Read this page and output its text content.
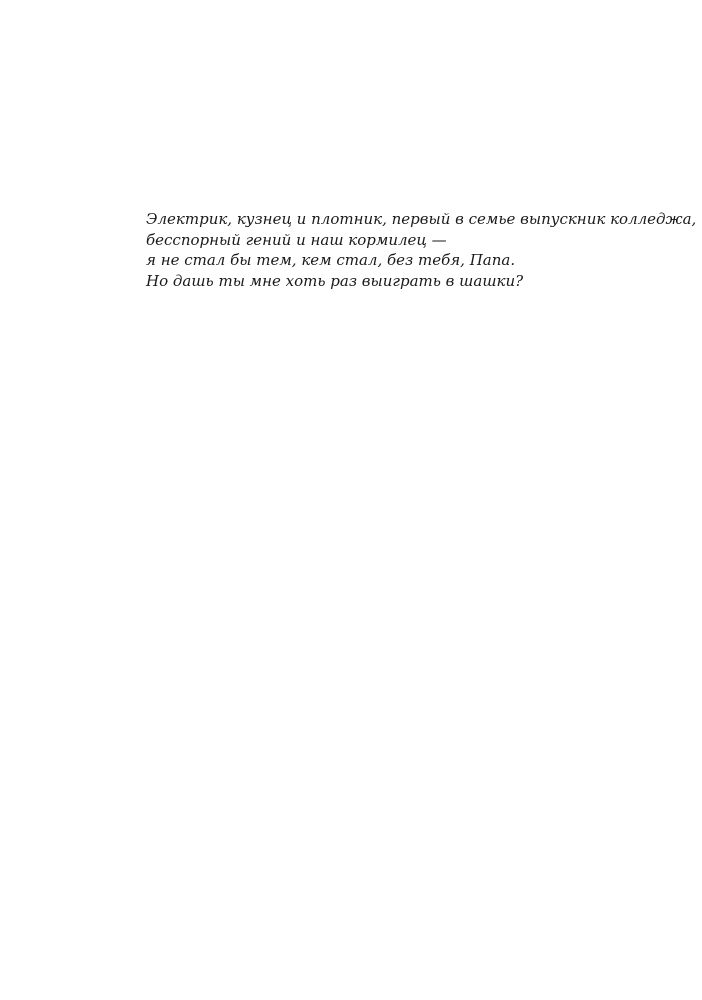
Электрик, кузнец и плотник, первый в семье выпускник колледжа,
бесспорный гений и наш кормилец —
я не стал бы тем, кем стал, без тебя, Папа.
Но дашь ты мне хоть раз выиграть в шашки?
